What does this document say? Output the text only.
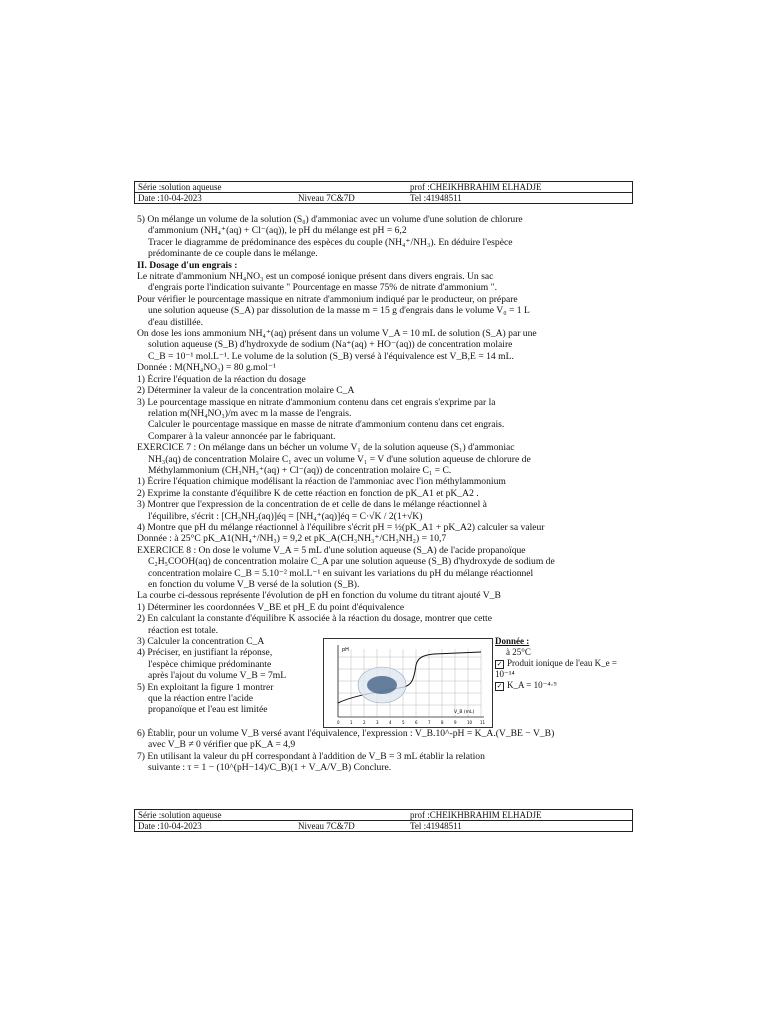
Série :solution aqueuse	prof :CHEIKHBRAHIM ELHADJE
Date :10-04-2023	Niveau 7C&7D	Tel :41948511
5) On mélange un volume de la solution (S₀) d'ammoniac avec un volume d'une solution de chlorure
d'ammonium (NH₄⁺(aq) + Cl⁻(aq)), le pH du mélange est pH = 6,2
Tracer le diagramme de prédominance des espèces du couple (NH₄⁺/NH₃). En déduire l'espèce
prédominante de ce couple dans le mélange.
II. Dosage d'un engrais :
Le nitrate d'ammonium NH₄NO₃ est un composé ionique présent dans divers engrais. Un sac
d'engrais porte l'indication suivante " Pourcentage en masse 75% de nitrate d'ammonium ".
Pour vérifier le pourcentage massique en nitrate d'ammonium indiqué par le producteur, on prépare
une solution aqueuse (S_A) par dissolution de la masse m = 15 g d'engrais dans le volume V₀ = 1 L
d'eau distillée.
On dose les ions ammonium NH₄⁺(aq) présent dans un volume V_A = 10 mL de solution (S_A) par une
solution aqueuse (S_B) d'hydroxyde de sodium (Na⁺(aq) + HO⁻(aq)) de concentration molaire
C_B = 10⁻¹ mol.L⁻¹. Le volume de la solution (S_B) versé à l'équivalence est V_B,E = 14 mL.
Donnée : M(NH₄NO₃) = 80 g.mol⁻¹
1) Écrire l'équation de la réaction du dosage
2) Déterminer la valeur de la concentration molaire C_A
3) Le pourcentage massique en nitrate d'ammonium contenu dans cet engrais s'exprime par la
relation m(NH₄NO₃)/m avec m la masse de l'engrais.
Calculer le pourcentage massique en masse de nitrate d'ammonium contenu dans cet engrais.
Comparer à la valeur annoncée par le fabriquant.
EXERCICE 7 : On mélange dans un bécher un volume V₁ de la solution aqueuse (S₁) d'ammoniac
NH₃(aq) de concentration Molaire C₁ avec un volume V₁ = V d'une solution aqueuse de chlorure de
Méthylammonium (CH₃NH₃⁺(aq) + Cl⁻(aq)) de concentration molaire C₁ = C.
1) Écrire l'équation chimique modélisant la réaction de l'ammoniac avec l'ion méthylammonium
2) Exprime la constante d'équilibre K de cette réaction en fonction de pK_A1 et pK_A2 .
3) Montrer que l'expression de la concentration de et celle de dans le mélange réactionnel à
l'équilibre, s'écrit : [CH₃NH₂(aq)]éq = [NH₄⁺(aq)]éq = C·√K / 2(1+√K)
4) Montre que pH du mélange réactionnel à l'équilibre s'écrit pH = ½(pK_A1 + pK_A2) calculer sa valeur
Donnée : à 25°C pK_A1(NH₄⁺/NH₃) = 9,2 et pK_A(CH₃NH₃⁺/CH₃NH₂) = 10,7
EXERCICE 8 : On dose le volume V_A = 5 mL d'une solution aqueuse (S_A) de l'acide propanoïque
C₂H₅COOH(aq) de concentration molaire C_A par une solution aqueuse (S_B) d'hydroxyde de sodium de
concentration molaire C_B = 5.10⁻² mol.L⁻¹ en suivant les variations du pH du mélange réactionnel
en fonction du volume V_B versé de la solution (S_B).
La courbe ci-dessous représente l'évolution de pH en fonction du volume du titrant ajouté V_B
1) Déterminer les coordonnées V_BE et pH_E du point d'équivalence
2) En calculant la constante d'équilibre K associée à la réaction du dosage, montrer que cette
réaction est totale.
3) Calculer la concentration C_A
4) Préciser, en justifiant la réponse,
l'espèce chimique prédominante
après l'ajout du volume V_B = 7mL
5) En exploitant la figure 1 montrer
que la réaction entre l'acide
propanoïque et l'eau est limitée
pH
V_B (mL)
0	1	2	3	4	5	6	7	8	9	10 11
Donnée :
à 25°C
✓ Produit ionique de l'eau K_e = 10⁻¹⁴
✓ K_A = 10⁻⁴·⁹
6) Établir, pour un volume V_B versé avant l'équivalence, l'expression : V_B.10^-pH = K_A.(V_BE − V_B)
avec V_B ≠ 0 vérifier que pK_A = 4,9
7) En utilisant la valeur du pH correspondant à l'addition de V_B = 3 mL établir la relation
suivante : τ = 1 − (10^(pH−14)/C_B)(1 + V_A/V_B) Conclure.
Série :solution aqueuse	prof :CHEIKHBRAHIM ELHADJE
Date :10-04-2023	Niveau 7C&7D	Tel :41948511
